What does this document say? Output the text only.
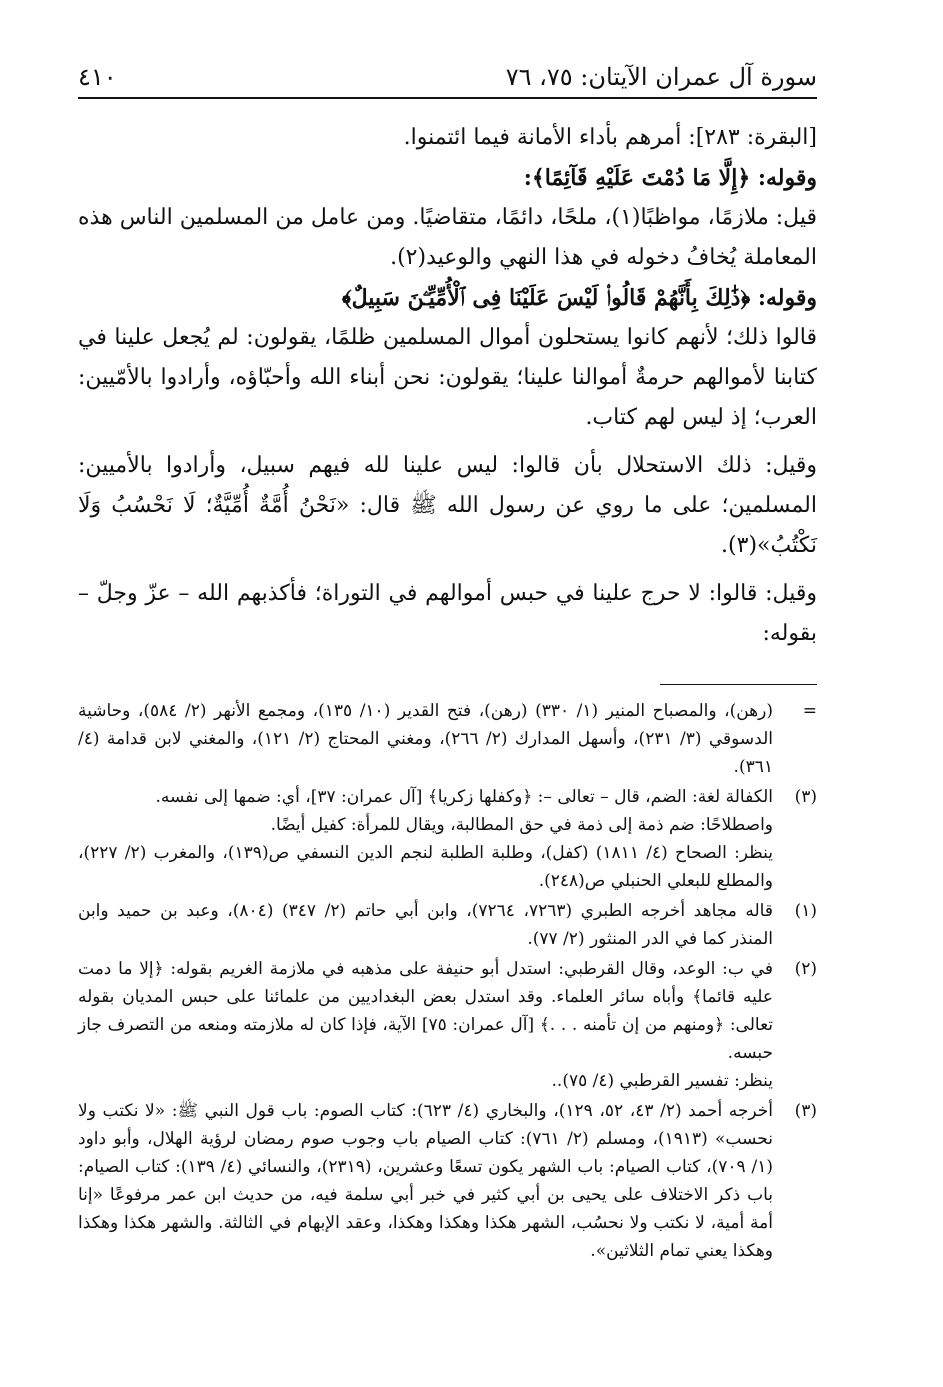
٤١٠	سورة آل عمران الآيتان: ٧٥، ٧٦

[البقرة: ٢٨٣]: أمرهم بأداء الأمانة فيما ائتمنوا.

وقوله: ﴿إِلَّا مَا دُمْتَ عَلَيْهِ قَآئِمًا﴾:

قيل: ملازمًا، مواظبًا(١)، ملحًا، دائمًا، متقاضيًا. ومن عامل من المسلمين الناس هذه المعاملة يُخافُ دخوله في هذا النهي والوعيد(٢).

وقوله: ﴿ذَٰلِكَ بِأَنَّهُمْ قَالُوا۟ لَيْسَ عَلَيْنَا فِى ٱلْأُمِّيِّـۧنَ سَبِيلٌ﴾

قالوا ذلك؛ لأنهم كانوا يستحلون أموال المسلمين ظلمًا، يقولون: لم يُجعل علينا في كتابنا لأموالهم حرمةٌ أموالنا علينا؛ يقولون: نحن أبناء الله وأحبّاؤه، وأرادوا بالأمّيين: العرب؛ إذ ليس لهم كتاب.

وقيل: ذلك الاستحلال بأن قالوا: ليس علينا لله فيهم سبيل، وأرادوا بالأميين: المسلمين؛ على ما روي عن رسول الله ﷺ قال: «نَحْنُ أُمَّةٌ أُمِّيَّةٌ؛ لَا نَحْسُبُ وَلَا نَكْتُبُ»(٣).

وقيل: قالوا: لا حرج علينا في حبس أموالهم في التوراة؛ فأكذبهم الله – عزّ وجلّ – بقوله:

=

(رهن)، والمصباح المنير (١/ ٣٣٠) (رهن)، فتح القدير (١٠/ ١٣٥)، ومجمع الأنهر (٢/ ٥٨٤)، وحاشية الدسوقي (٣/ ٢٣١)، وأسهل المدارك (٢/ ٢٦٦)، ومغني المحتاج (٢/ ١٢١)، والمغني لابن قدامة (٤/ ٣٦١).

(٣)

الكفالة لغة: الضم، قال – تعالى –: ﴿وكفلها زكريا﴾ [آل عمران: ٣٧]، أي: ضمها إلى نفسه.

واصطلاحًا: ضم ذمة إلى ذمة في حق المطالبة، ويقال للمرأة: كفيل أيضًا.

ينظر: الصحاح (٤/ ١٨١١) (كفل)، وطلبة الطلبة لنجم الدين النسفي ص(١٣٩)، والمغرب (٢/ ٢٢٧)، والمطلع للبعلي الحنبلي ص(٢٤٨).

(١)

قاله مجاهد أخرجه الطبري (٧٢٦٣، ٧٢٦٤)، وابن أبي حاتم (٢/ ٣٤٧) (٨٠٤)، وعبد بن حميد وابن المنذر كما في الدر المنثور (٢/ ٧٧).

(٢)

في ب: الوعد، وقال القرطبي: استدل أبو حنيفة على مذهبه في ملازمة الغريم بقوله: ﴿إلا ما دمت عليه قائما﴾ وأباه سائر العلماء. وقد استدل بعض البغداديين من علمائنا على حبس المديان بقوله تعالى: ﴿ومنهم من إن تأمنه . . .﴾ [آل عمران: ٧٥] الآية، فإذا كان له ملازمته ومنعه من التصرف جاز حبسه.

ينظر: تفسير القرطبي (٤/ ٧٥)..

(٣)

أخرجه أحمد (٢/ ٤٣، ٥٢، ١٢٩)، والبخاري (٤/ ٦٢٣): كتاب الصوم: باب قول النبي ﷺ: «لا نكتب ولا نحسب» (١٩١٣)، ومسلم (٢/ ٧٦١): كتاب الصيام باب وجوب صوم رمضان لرؤية الهلال، وأبو داود (١/ ٧٠٩)، كتاب الصيام: باب الشهر يكون تسعًا وعشرين، (٢٣١٩)، والنسائي (٤/ ١٣٩): كتاب الصيام: باب ذكر الاختلاف على يحيى بن أبي كثير في خبر أبي سلمة فيه، من حديث ابن عمر مرفوعًا «إنا أمة أمية، لا نكتب ولا نحسُب، الشهر هكذا وهكذا وهكذا، وعقد الإبهام في الثالثة. والشهر هكذا وهكذا وهكذا يعني تمام الثلاثين».
